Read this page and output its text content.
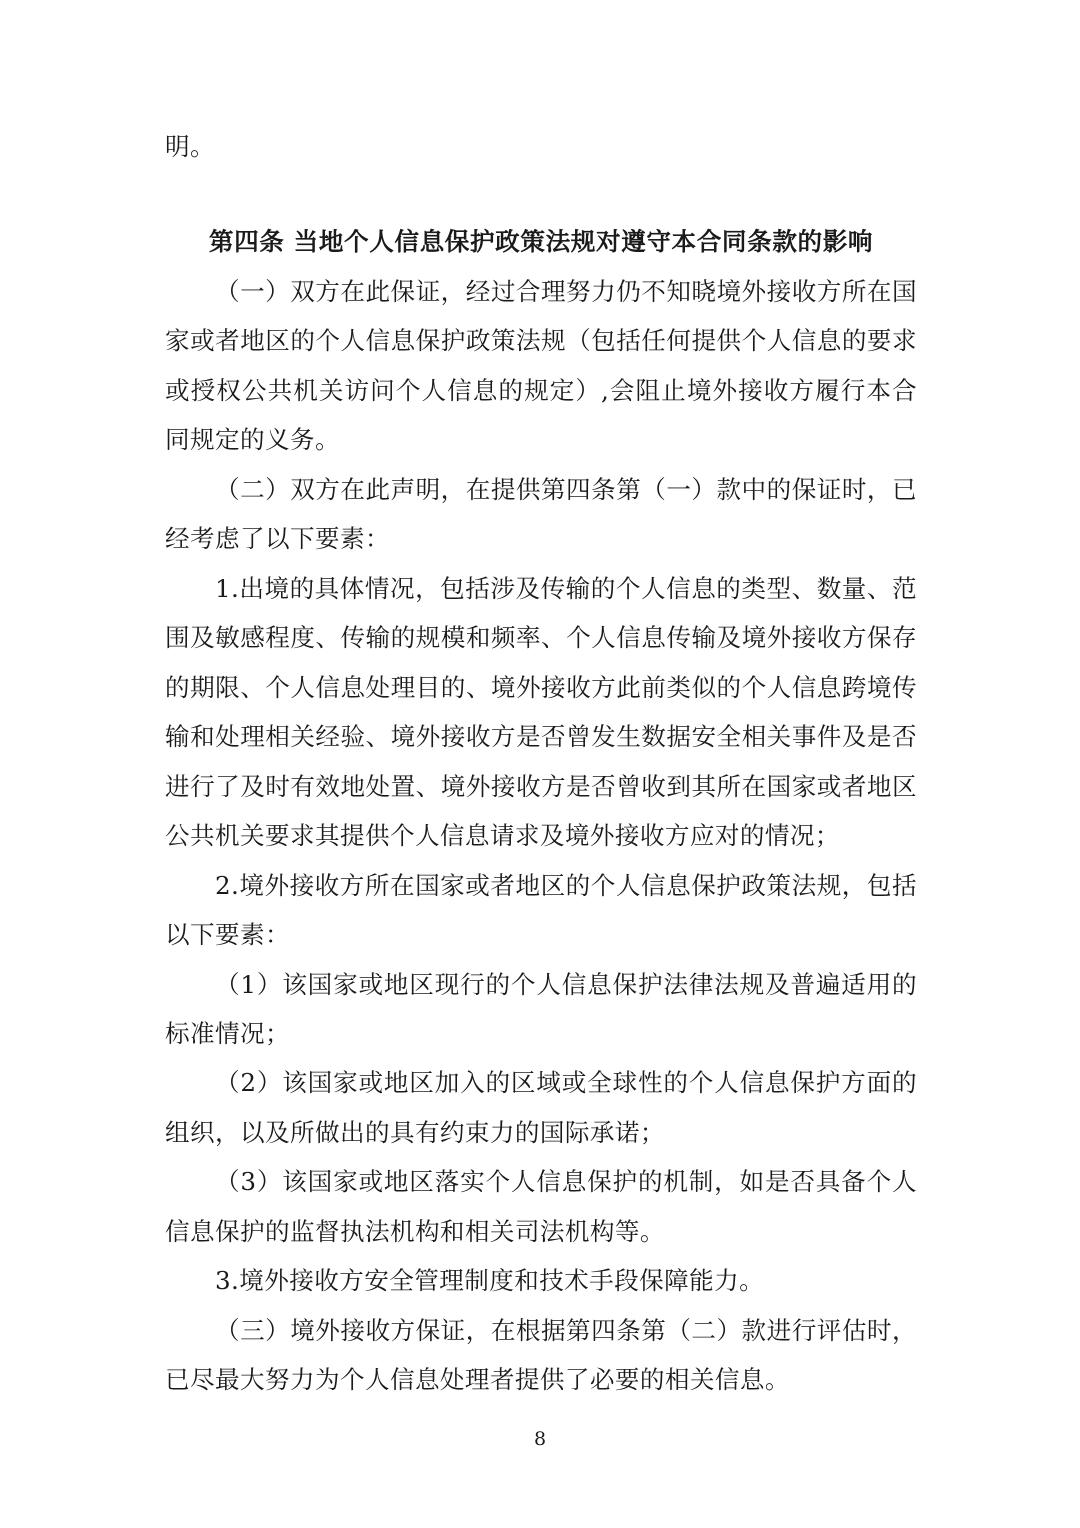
明。
第四条 当地个人信息保护政策法规对遵守本合同条款的影响
（一）双方在此保证，经过合理努力仍不知晓境外接收方所在国
家或者地区的个人信息保护政策法规（包括任何提供个人信息的要求
或授权公共机关访问个人信息的规定）,会阻止境外接收方履行本合
同规定的义务。
（二）双方在此声明，在提供第四条第（一）款中的保证时，已
经考虑了以下要素：
1.出境的具体情况，包括涉及传输的个人信息的类型、数量、范
围及敏感程度、传输的规模和频率、个人信息传输及境外接收方保存
的期限、个人信息处理目的、境外接收方此前类似的个人信息跨境传
输和处理相关经验、境外接收方是否曾发生数据安全相关事件及是否
进行了及时有效地处置、境外接收方是否曾收到其所在国家或者地区
公共机关要求其提供个人信息请求及境外接收方应对的情况；
2.境外接收方所在国家或者地区的个人信息保护政策法规，包括
以下要素：
（1）该国家或地区现行的个人信息保护法律法规及普遍适用的
标准情况；
（2）该国家或地区加入的区域或全球性的个人信息保护方面的
组织，以及所做出的具有约束力的国际承诺；
（3）该国家或地区落实个人信息保护的机制，如是否具备个人
信息保护的监督执法机构和相关司法机构等。
3.境外接收方安全管理制度和技术手段保障能力。
（三）境外接收方保证，在根据第四条第（二）款进行评估时，
已尽最大努力为个人信息处理者提供了必要的相关信息。
8
